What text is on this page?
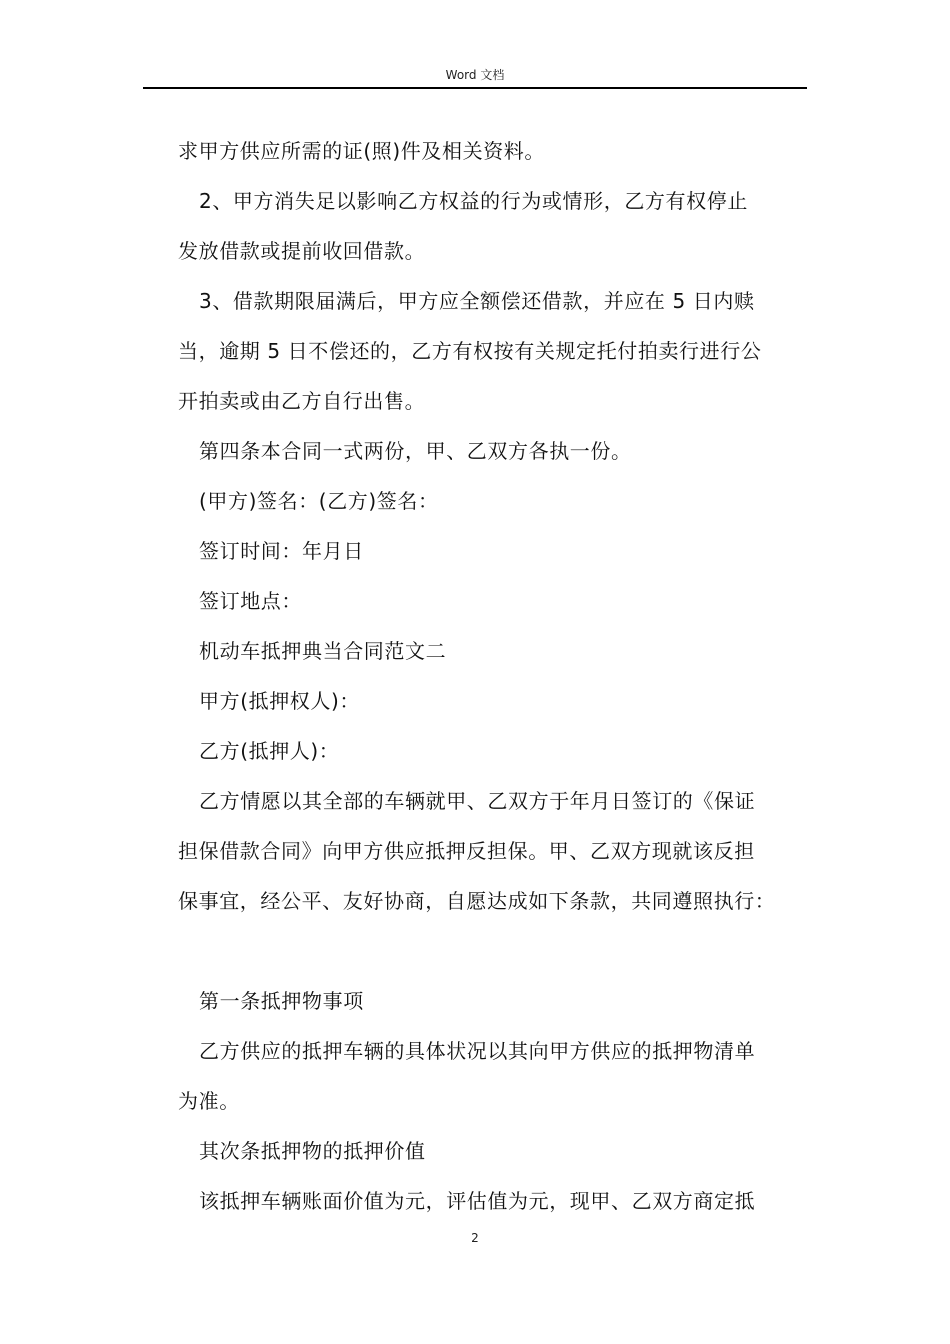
Word 文档

求甲方供应所需的证(照)件及相关资料。

2、甲方消失足以影响乙方权益的行为或情形，乙方有权停止

发放借款或提前收回借款。

3、借款期限届满后，甲方应全额偿还借款，并应在 5 日内赎

当，逾期 5 日不偿还的，乙方有权按有关规定托付拍卖行进行公

开拍卖或由乙方自行出售。

第四条本合同一式两份，甲、乙双方各执一份。

(甲方)签名：(乙方)签名：

签订时间：年月日

签订地点：

机动车抵押典当合同范文二

甲方(抵押权人)：

乙方(抵押人)：

乙方情愿以其全部的车辆就甲、乙双方于年月日签订的《保证

担保借款合同》向甲方供应抵押反担保。甲、乙双方现就该反担

保事宜，经公平、友好协商，自愿达成如下条款，共同遵照执行：

第一条抵押物事项

乙方供应的抵押车辆的具体状况以其向甲方供应的抵押物清单

为准。

其次条抵押物的抵押价值

该抵押车辆账面价值为元，评估值为元，现甲、乙双方商定抵

2
